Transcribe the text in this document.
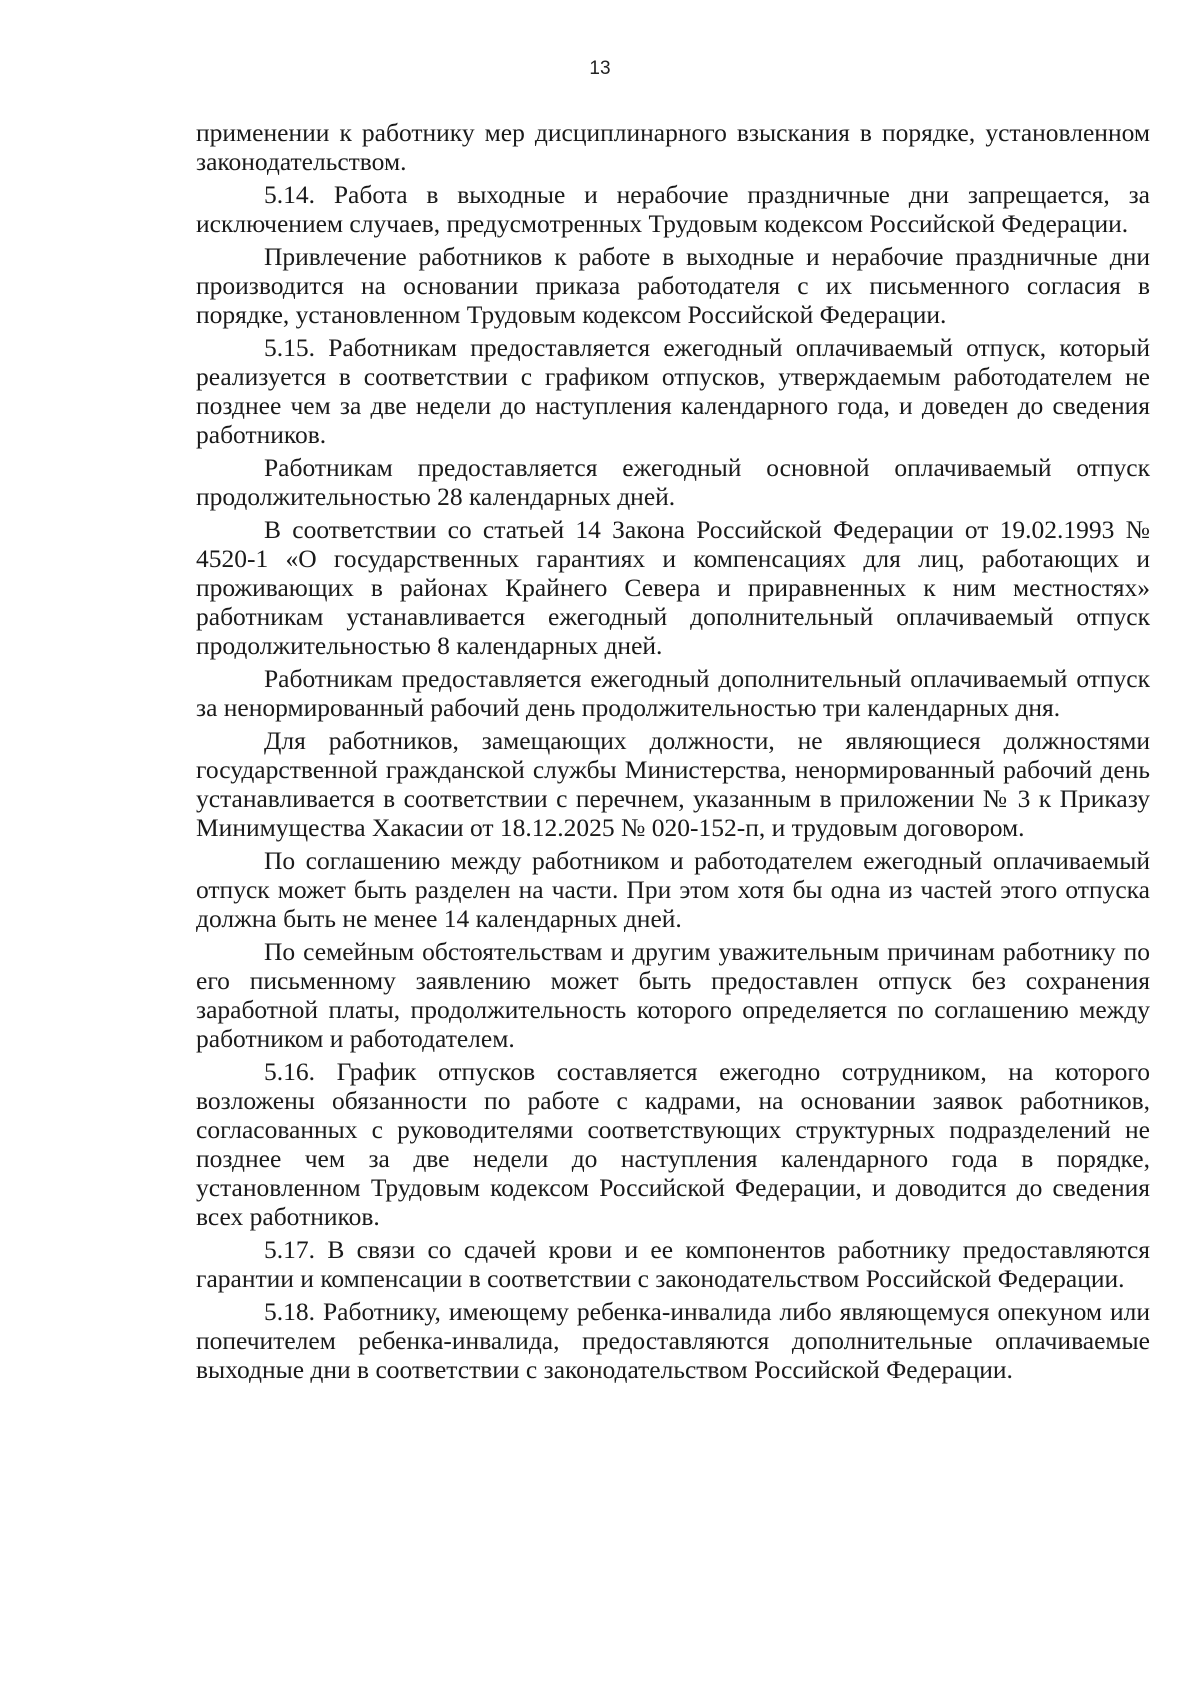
13

применении к работнику мер дисциплинарного взыскания в порядке, установленном законодательством.

5.14. Работа в выходные и нерабочие праздничные дни запрещается, за исключением случаев, предусмотренных Трудовым кодексом Российской Федерации.

Привлечение работников к работе в выходные и нерабочие праздничные дни производится на основании приказа работодателя с их письменного согласия в порядке, установленном Трудовым кодексом Российской Федерации.

5.15. Работникам предоставляется ежегодный оплачиваемый отпуск, который реализуется в соответствии с графиком отпусков, утверждаемым работодателем не позднее чем за две недели до наступления календарного года, и доведен до сведения работников.

Работникам предоставляется ежегодный основной оплачиваемый отпуск продолжительностью 28 календарных дней.

В соответствии со статьей 14 Закона Российской Федерации от 19.02.1993 № 4520-1 «О государственных гарантиях и компенсациях для лиц, работающих и проживающих в районах Крайнего Севера и приравненных к ним местностях» работникам устанавливается ежегодный дополнительный оплачиваемый отпуск продолжительностью 8 календарных дней.

Работникам предоставляется ежегодный дополнительный оплачиваемый отпуск за ненормированный рабочий день продолжительностью три календарных дня.

Для работников, замещающих должности, не являющиеся должностями государственной гражданской службы Министерства, ненормированный рабочий день устанавливается в соответствии с перечнем, указанным в приложении № 3 к Приказу Минимущества Хакасии от 18.12.2025 № 020-152-п, и трудовым договором.

По соглашению между работником и работодателем ежегодный оплачиваемый отпуск может быть разделен на части. При этом хотя бы одна из частей этого отпуска должна быть не менее 14 календарных дней.

По семейным обстоятельствам и другим уважительным причинам работнику по его письменному заявлению может быть предоставлен отпуск без сохранения заработной платы, продолжительность которого определяется по соглашению между работником и работодателем.

5.16. График отпусков составляется ежегодно сотрудником, на которого возложены обязанности по работе с кадрами, на основании заявок работников, согласованных с руководителями соответствующих структурных подразделений не позднее чем за две недели до наступления календарного года в порядке, установленном Трудовым кодексом Российской Федерации, и доводится до сведения всех работников.

5.17. В связи со сдачей крови и ее компонентов работнику предоставляются гарантии и компенсации в соответствии с законодательством Российской Федерации.

5.18. Работнику, имеющему ребенка-инвалида либо являющемуся опекуном или попечителем ребенка-инвалида, предоставляются дополнительные оплачиваемые выходные дни в соответствии с законодательством Российской Федерации.
